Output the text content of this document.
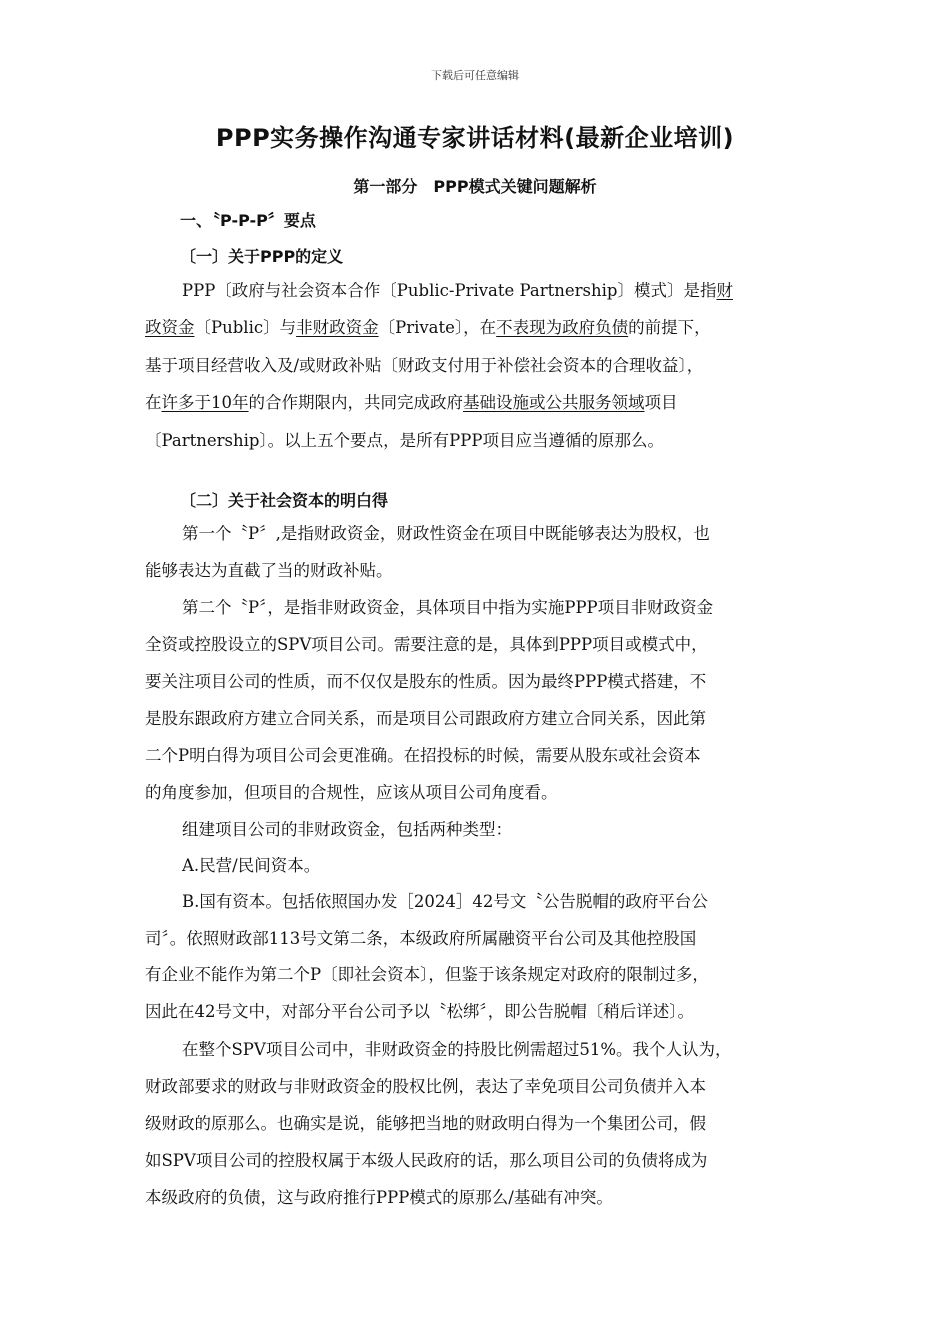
下载后可任意编辑
PPP实务操作沟通专家讲话材料(最新企业培训)
第一部分　PPP模式关键问题解析
一、〝P-P-P〞要点
〔一〕关于PPP的定义
PPP〔政府与社会资本合作〔Public-Private Partnership〕模式〕是指财
政资金〔Public〕与非财政资金〔Private〕，在不表现为政府负债的前提下，
基于项目经营收入及/或财政补贴〔财政支付用于补偿社会资本的合理收益〕，
在许多于10年的合作期限内，共同完成政府基础设施或公共服务领域项目
〔Partnership〕。以上五个要点，是所有PPP项目应当遵循的原那么。
〔二〕关于社会资本的明白得
第一个〝P〞,是指财政资金，财政性资金在项目中既能够表达为股权，也
能够表达为直截了当的财政补贴。
第二个〝P〞，是指非财政资金，具体项目中指为实施PPP项目非财政资金
全资或控股设立的SPV项目公司。需要注意的是，具体到PPP项目或模式中，
要关注项目公司的性质，而不仅仅是股东的性质。因为最终PPP模式搭建，不
是股东跟政府方建立合同关系，而是项目公司跟政府方建立合同关系，因此第
二个P明白得为项目公司会更准确。在招投标的时候，需要从股东或社会资本
的角度参加，但项目的合规性，应该从项目公司角度看。
组建项目公司的非财政资金，包括两种类型：
A.民营/民间资本。
B.国有资本。包括依照国办发［2024］42号文〝公告脱帽的政府平台公
司〞。依照财政部113号文第二条，本级政府所属融资平台公司及其他控股国
有企业不能作为第二个P〔即社会资本〕，但鉴于该条规定对政府的限制过多，
因此在42号文中，对部分平台公司予以〝松绑〞，即公告脱帽〔稍后详述〕。
在整个SPV项目公司中，非财政资金的持股比例需超过51%。我个人认为，
财政部要求的财政与非财政资金的股权比例，表达了幸免项目公司负债并入本
级财政的原那么。也确实是说，能够把当地的财政明白得为一个集团公司，假
如SPV项目公司的控股权属于本级人民政府的话，那么项目公司的负债将成为
本级政府的负债，这与政府推行PPP模式的原那么/基础有冲突。
